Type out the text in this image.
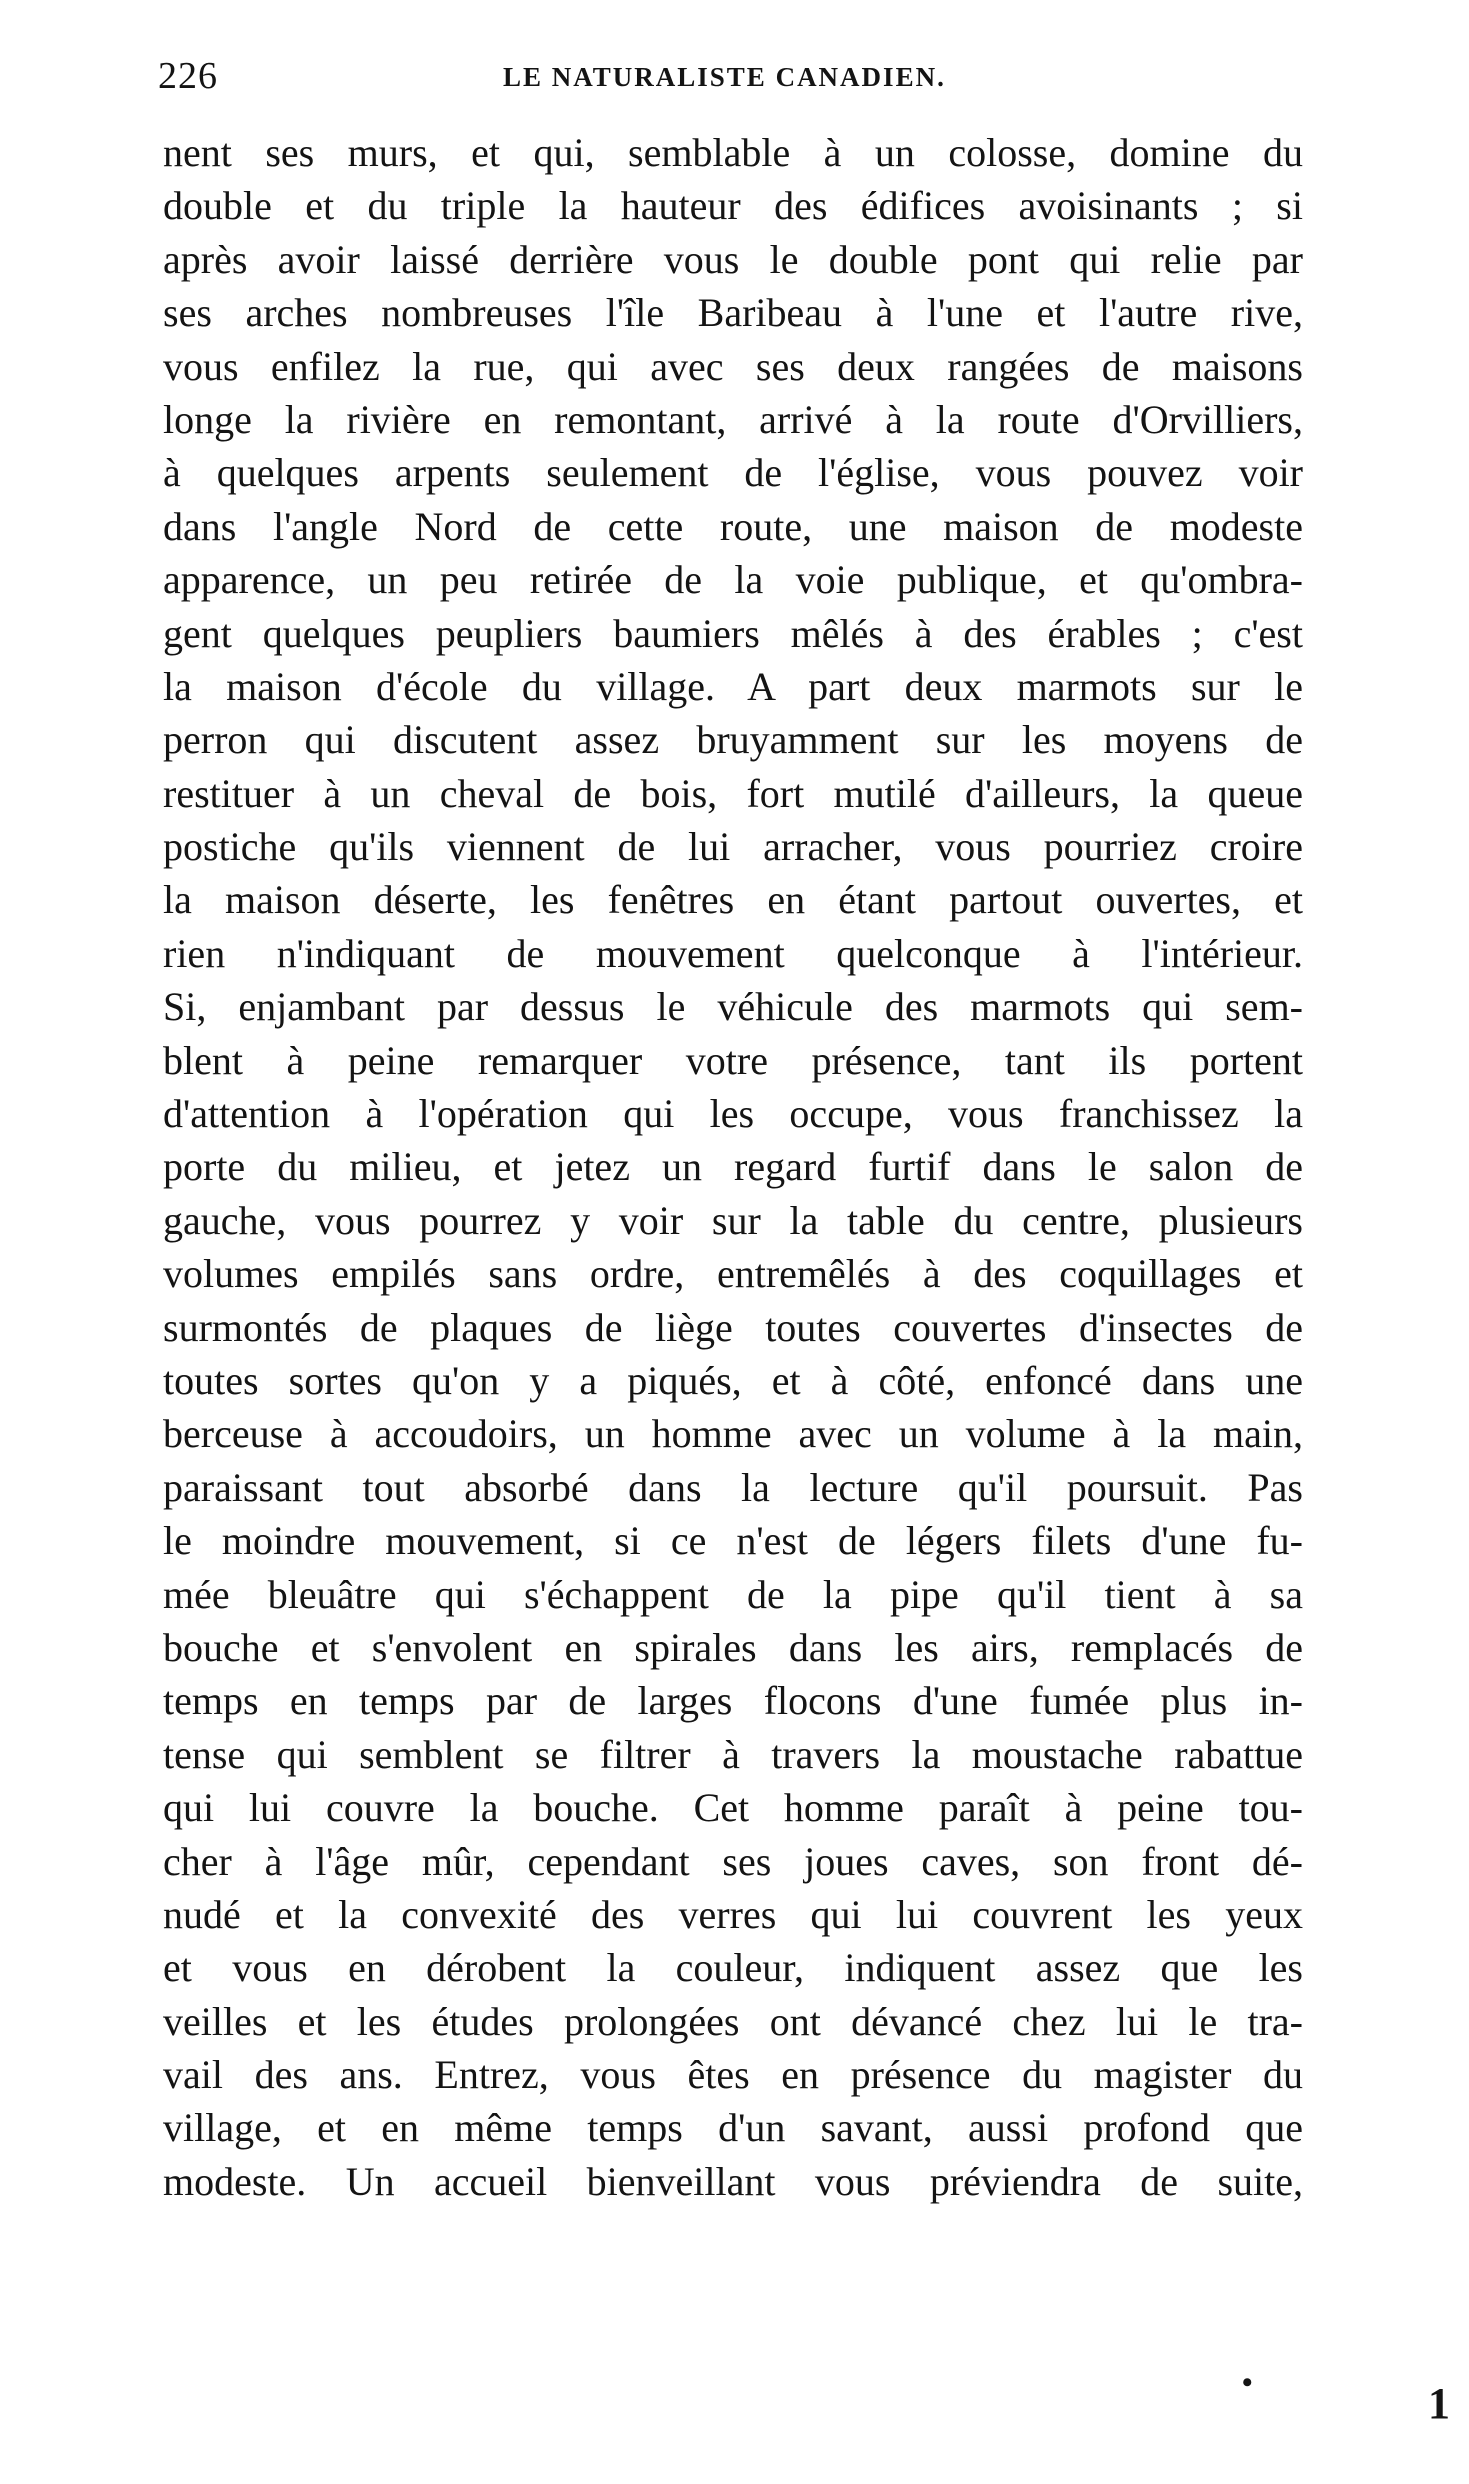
226	LE NATURALISTE CANADIEN.
nent ses murs, et qui, semblable à un colosse, domine du
double et du triple la hauteur des édifices avoisinants ; si
après avoir laissé derrière vous le double pont qui relie par
ses arches nombreuses l'île Baribeau à l'une et l'autre rive,
vous enfilez la rue, qui avec ses deux rangées de maisons
longe la rivière en remontant, arrivé à la route d'Orvilliers,
à quelques arpents seulement de l'église, vous pouvez voir
dans l'angle Nord de cette route, une maison de modeste
apparence, un peu retirée de la voie publique, et qu'ombra-
gent quelques peupliers baumiers mêlés à des érables ; c'est
la maison d'école du village. A part deux marmots sur le
perron qui discutent assez bruyamment sur les moyens de
restituer à un cheval de bois, fort mutilé d'ailleurs, la queue
postiche qu'ils viennent de lui arracher, vous pourriez croire
la maison déserte, les fenêtres en étant partout ouvertes, et
rien n'indiquant de mouvement quelconque à l'intérieur.
Si, enjambant par dessus le véhicule des marmots qui sem-
blent à peine remarquer votre présence, tant ils portent
d'attention à l'opération qui les occupe, vous franchissez la
porte du milieu, et jetez un regard furtif dans le salon de
gauche, vous pourrez y voir sur la table du centre, plusieurs
volumes empilés sans ordre, entremêlés à des coquillages et
surmontés de plaques de liège toutes couvertes d'insectes de
toutes sortes qu'on y a piqués, et à côté, enfoncé dans une
berceuse à accoudoirs, un homme avec un volume à la main,
paraissant tout absorbé dans la lecture qu'il poursuit. Pas
le moindre mouvement, si ce n'est de légers filets d'une fu-
mée bleuâtre qui s'échappent de la pipe qu'il tient à sa
bouche et s'envolent en spirales dans les airs, remplacés de
temps en temps par de larges flocons d'une fumée plus in-
tense qui semblent se filtrer à travers la moustache rabattue
qui lui couvre la bouche. Cet homme paraît à peine tou-
cher à l'âge mûr, cependant ses joues caves, son front dé-
nudé et la convexité des verres qui lui couvrent les yeux
et vous en dérobent la couleur, indiquent assez que les
veilles et les études prolongées ont dévancé chez lui le tra-
vail des ans. Entrez, vous êtes en présence du magister du
village, et en même temps d'un savant, aussi profond que
modeste. Un accueil bienveillant vous préviendra de suite,
•	1
